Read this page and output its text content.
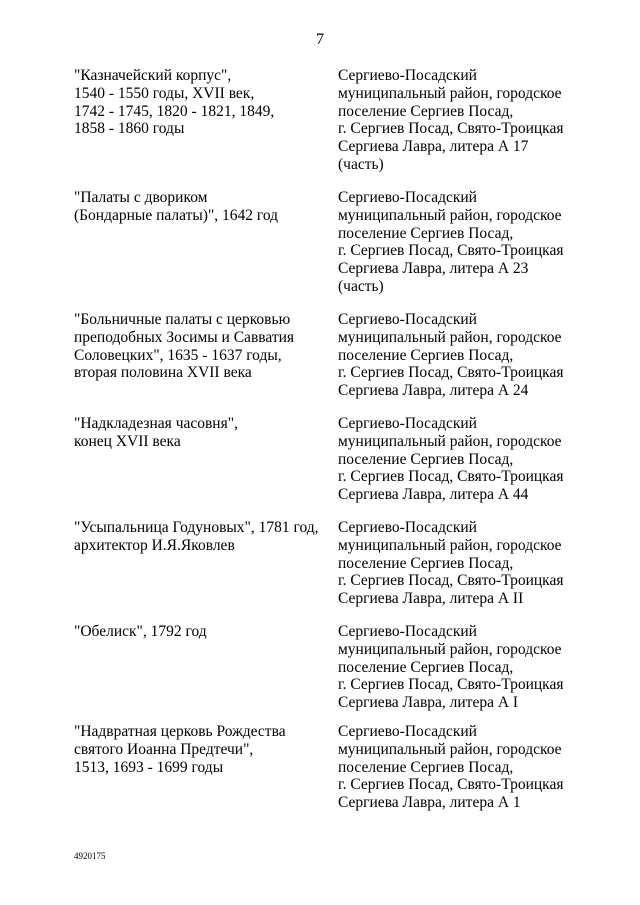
7
"Казначейский корпус",
1540 - 1550 годы, XVII век,
1742 - 1745, 1820 - 1821, 1849,
1858 - 1860 годы
Сергиево-Посадский
муниципальный район, городское
поселение Сергиев Посад,
г. Сергиев Посад, Свято-Троицкая
Сергиева Лавра, литера А 17
(часть)
"Палаты с двориком
(Бондарные палаты)", 1642 год
Сергиево-Посадский
муниципальный район, городское
поселение Сергиев Посад,
г. Сергиев Посад, Свято-Троицкая
Сергиева Лавра, литера А 23
(часть)
"Больничные палаты с церковью
преподобных Зосимы и Савватия
Соловецких", 1635 - 1637 годы,
вторая половина XVII века
Сергиево-Посадский
муниципальный район, городское
поселение Сергиев Посад,
г. Сергиев Посад, Свято-Троицкая
Сергиева Лавра, литера А 24
"Надкладезная часовня",
конец XVII века
Сергиево-Посадский
муниципальный район, городское
поселение Сергиев Посад,
г. Сергиев Посад, Свято-Троицкая
Сергиева Лавра, литера А 44
"Усыпальница Годуновых", 1781 год,
архитектор И.Я.Яковлев
Сергиево-Посадский
муниципальный район, городское
поселение Сергиев Посад,
г. Сергиев Посад, Свято-Троицкая
Сергиева Лавра, литера А II
"Обелиск", 1792 год	Сергиево-Посадский
муниципальный район, городское
поселение Сергиев Посад,
г. Сергиев Посад, Свято-Троицкая
Сергиева Лавра, литера А I
"Надвратная церковь Рождества
святого Иоанна Предтечи",
1513, 1693 - 1699 годы
Сергиево-Посадский
муниципальный район, городское
поселение Сергиев Посад,
г. Сергиев Посад, Свято-Троицкая
Сергиева Лавра, литера А 1
4920175
